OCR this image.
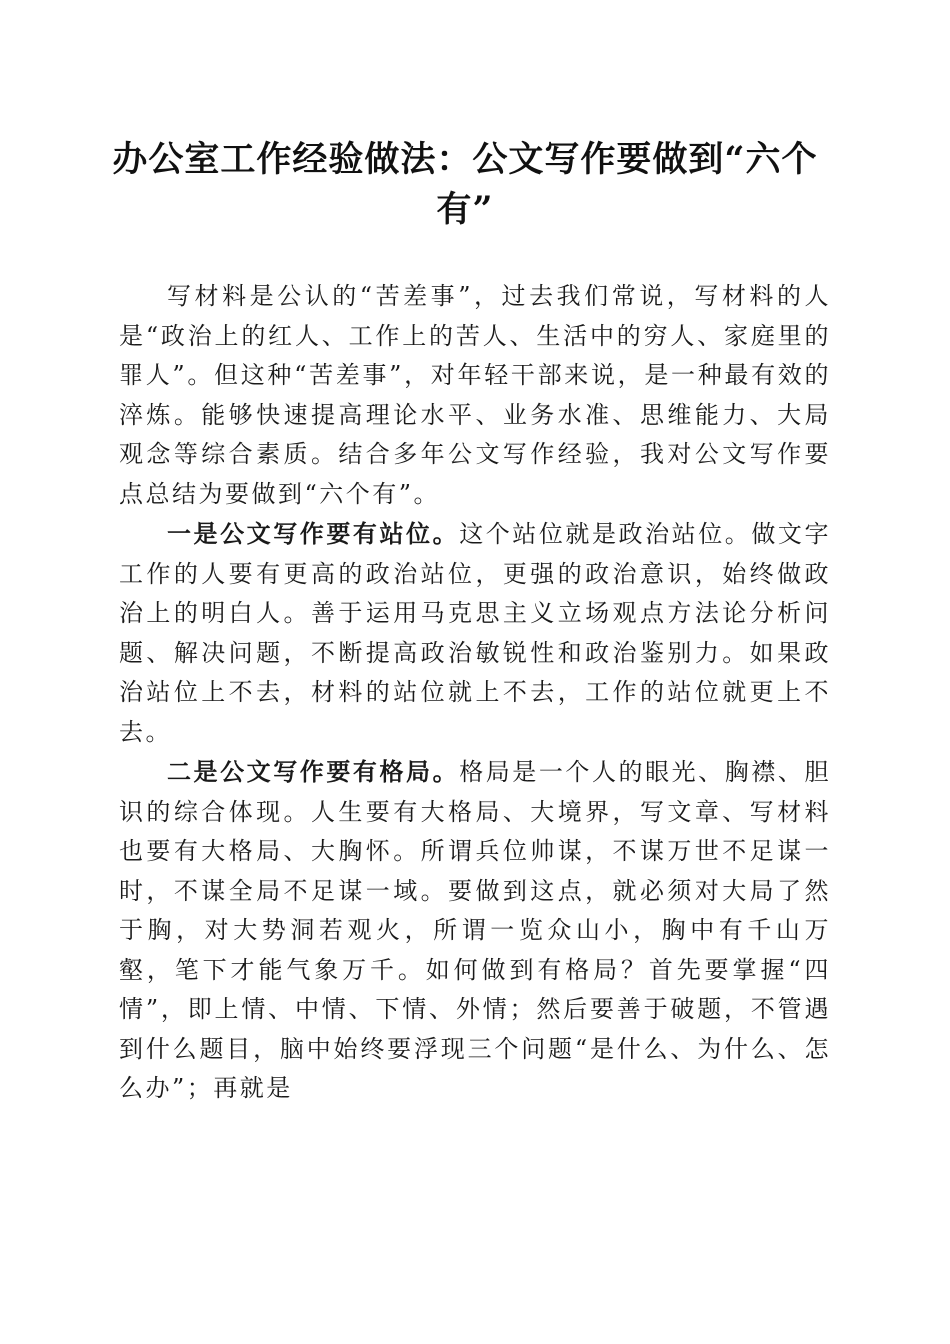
办公室工作经验做法：公文写作要做到“六个有”

写材料是公认的“苦差事”，过去我们常说，写材料的人是“政治上的红人、工作上的苦人、生活中的穷人、家庭里的罪人”。但这种“苦差事”，对年轻干部来说，是一种最有效的淬炼。能够快速提高理论水平、业务水准、思维能力、大局观念等综合素质。结合多年公文写作经验，我对公文写作要点总结为要做到“六个有”。

一是公文写作要有站位。这个站位就是政治站位。做文字工作的人要有更高的政治站位，更强的政治意识，始终做政治上的明白人。善于运用马克思主义立场观点方法论分析问题、解决问题，不断提高政治敏锐性和政治鉴别力。如果政治站位上不去，材料的站位就上不去，工作的站位就更上不去。

二是公文写作要有格局。格局是一个人的眼光、胸襟、胆识的综合体现。人生要有大格局、大境界，写文章、写材料也要有大格局、大胸怀。所谓兵位帅谋，不谋万世不足谋一时，不谋全局不足谋一域。要做到这点，就必须对大局了然于胸，对大势洞若观火，所谓一览众山小，胸中有千山万壑，笔下才能气象万千。如何做到有格局？首先要掌握“四情”，即上情、中情、下情、外情；然后要善于破题，不管遇到什么题目，脑中始终要浮现三个问题“是什么、为什么、怎么办”；再就是
